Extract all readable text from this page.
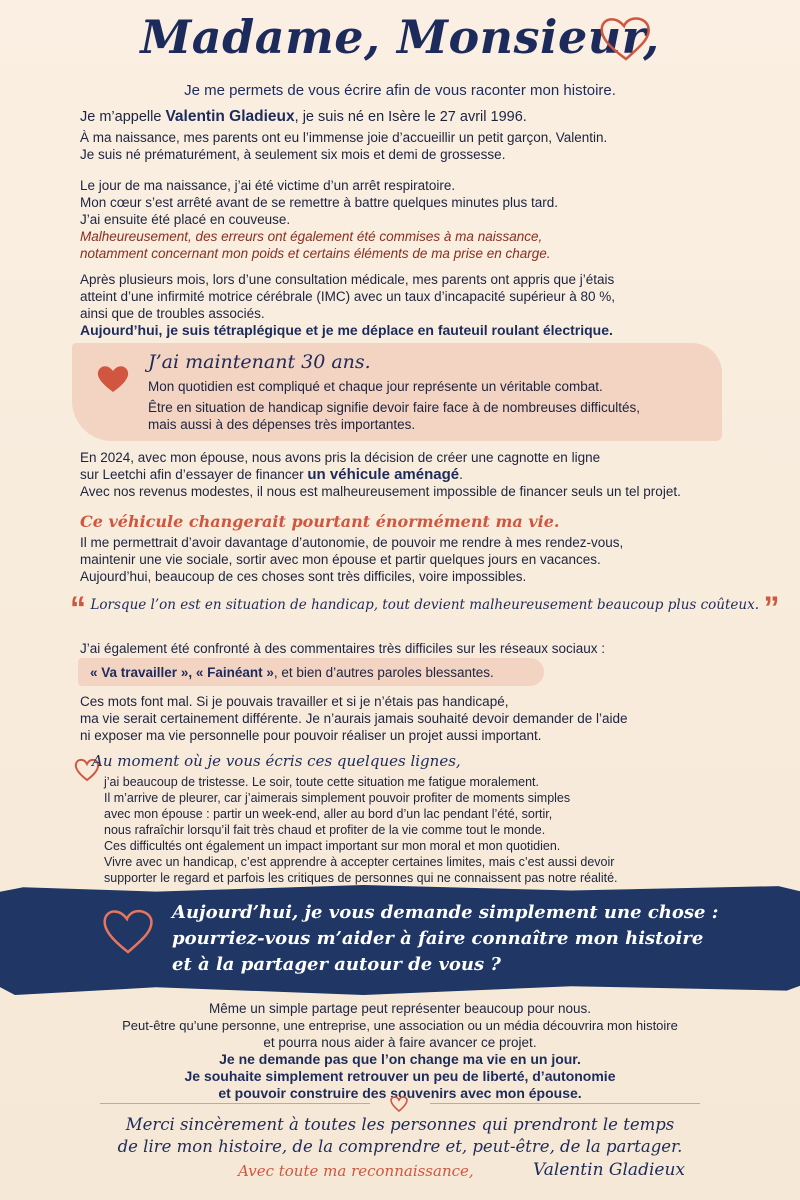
Madame, Monsieur,

Je me permets de vous écrire afin de vous raconter mon histoire.

Je m’appelle Valentin Gladieux, je suis né en Isère le 27 avril 1996.

À ma naissance, mes parents ont eu l’immense joie d’accueillir un petit garçon, Valentin.

Je suis né prématurément, à seulement six mois et demi de grossesse.

Le jour de ma naissance, j’ai été victime d’un arrêt respiratoire.

Mon cœur s’est arrêté avant de se remettre à battre quelques minutes plus tard.

J’ai ensuite été placé en couveuse.

Malheureusement, des erreurs ont également été commises à ma naissance,

notamment concernant mon poids et certains éléments de ma prise en charge.

Après plusieurs mois, lors d’une consultation médicale, mes parents ont appris que j’étais

atteint d’une infirmité motrice cérébrale (IMC) avec un taux d’incapacité supérieur à 80 %,

ainsi que de troubles associés.

Aujourd’hui, je suis tétraplégique et je me déplace en fauteuil roulant électrique.

J’ai maintenant 30 ans.

Mon quotidien est compliqué et chaque jour représente un véritable combat.

Être en situation de handicap signifie devoir faire face à de nombreuses difficultés,

mais aussi à des dépenses très importantes.

En 2024, avec mon épouse, nous avons pris la décision de créer une cagnotte en ligne

sur Leetchi afin d’essayer de financer un véhicule aménagé.

Avec nos revenus modestes, il nous est malheureusement impossible de financer seuls un tel projet.

Ce véhicule changerait pourtant énormément ma vie.

Il me permettrait d’avoir davantage d’autonomie, de pouvoir me rendre à mes rendez-vous,

maintenir une vie sociale, sortir avec mon épouse et partir quelques jours en vacances.

Aujourd’hui, beaucoup de ces choses sont très difficiles, voire impossibles.

“ Lorsque l’on est en situation de handicap, tout devient malheureusement beaucoup plus coûteux. ”

J’ai également été confronté à des commentaires très difficiles sur les réseaux sociaux :

« Va travailler », « Fainéant », et bien d’autres paroles blessantes.

Ces mots font mal. Si je pouvais travailler et si je n’étais pas handicapé,

ma vie serait certainement différente. Je n’aurais jamais souhaité devoir demander de l’aide

ni exposer ma vie personnelle pour pouvoir réaliser un projet aussi important.

Au moment où je vous écris ces quelques lignes,

j’ai beaucoup de tristesse. Le soir, toute cette situation me fatigue moralement.

Il m’arrive de pleurer, car j’aimerais simplement pouvoir profiter de moments simples

avec mon épouse : partir un week-end, aller au bord d’un lac pendant l’été, sortir,

nous rafraîchir lorsqu’il fait très chaud et profiter de la vie comme tout le monde.

Ces difficultés ont également un impact important sur mon moral et mon quotidien.

Vivre avec un handicap, c’est apprendre à accepter certaines limites, mais c’est aussi devoir

supporter le regard et parfois les critiques de personnes qui ne connaissent pas notre réalité.

Aujourd’hui, je vous demande simplement une chose :

pourriez-vous m’aider à faire connaître mon histoire

et à la partager autour de vous ?

Même un simple partage peut représenter beaucoup pour nous.

Peut-être qu’une personne, une entreprise, une association ou un média découvrira mon histoire

et pourra nous aider à faire avancer ce projet.

Je ne demande pas que l’on change ma vie en un jour.

Je souhaite simplement retrouver un peu de liberté, d’autonomie

et pouvoir construire des souvenirs avec mon épouse.

Merci sincèrement à toutes les personnes qui prendront le temps

de lire mon histoire, de la comprendre et, peut-être, de la partager.

Avec toute ma reconnaissance,	Valentin Gladieux
